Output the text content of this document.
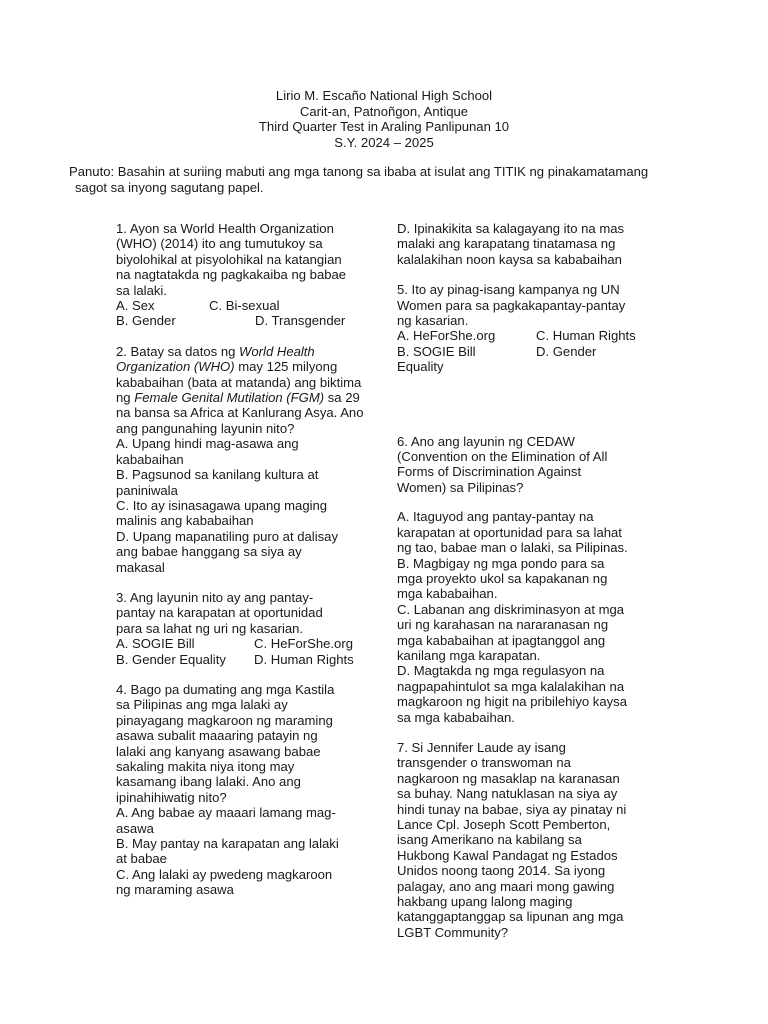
Lirio M. Escaño National High School
Carit-an, Patnoñgon, Antique
Third Quarter Test in Araling Panlipunan 10
S.Y. 2024 – 2025
Panuto: Basahin at suriing mabuti ang mga tanong sa ibaba at isulat ang TITIK ng pinakamatamang
sagot sa inyong sagutang papel.
1. Ayon sa World Health Organization
(WHO) (2014) ito ang tumutukoy sa
biyolohikal at pisyolohikal na katangian
na nagtatakda ng pagkakaiba ng babae
sa lalaki.
A. Sex	C. Bi-sexual
B. Gender	D. Transgender
2. Batay sa datos ng World Health Organization (WHO) may 125 milyong kababaihan (bata at matanda) ang biktima ng Female Genital Mutilation (FGM) sa 29 na bansa sa Africa at Kanlurang Asya. Ano ang pangunahing layunin nito?
A. Upang hindi mag-asawa ang
kababaihan
B. Pagsunod sa kanilang kultura at
paniniwala
C. Ito ay isinasagawa upang maging
malinis ang kababaihan
D. Upang mapanatiling puro at dalisay
ang babae hanggang sa siya ay
makasal
3. Ang layunin nito ay ang pantay-
pantay na karapatan at oportunidad
para sa lahat ng uri ng kasarian.
A. SOGIE Bill	C. HeForShe.org
B. Gender Equality D. Human Rights
4. Bago pa dumating ang mga Kastila
sa Pilipinas ang mga lalaki ay
pinayagang magkaroon ng maraming
asawa subalit maaaring patayin ng
lalaki ang kanyang asawang babae
sakaling makita niya itong may
kasamang ibang lalaki. Ano ang
ipinahihiwatig nito?
A. Ang babae ay maaari lamang mag-
asawa
B. May pantay na karapatan ang lalaki
at babae
C. Ang lalaki ay pwedeng magkaroon
ng maraming asawa
D. Ipinakikita sa kalagayang ito na mas
malaki ang karapatang tinatamasa ng
kalalakihan noon kaysa sa kababaihan
5. Ito ay pinag-isang kampanya ng UN
Women para sa pagkakapantay-pantay
ng kasarian.
A. HeForShe.org	C. Human Rights
B. SOGIE Bill	D. Gender
Equality
6. Ano ang layunin ng CEDAW
(Convention on the Elimination of All
Forms of Discrimination Against
Women) sa Pilipinas?
A. Itaguyod ang pantay-pantay na
karapatan at oportunidad para sa lahat
ng tao, babae man o lalaki, sa Pilipinas.
B. Magbigay ng mga pondo para sa
mga proyekto ukol sa kapakanan ng
mga kababaihan.
C. Labanan ang diskriminasyon at mga
uri ng karahasan na nararanasan ng
mga kababaihan at ipagtanggol ang
kanilang mga karapatan.
D. Magtakda ng mga regulasyon na
nagpapahintulot sa mga kalalakihan na
magkaroon ng higit na pribilehiyo kaysa
sa mga kababaihan.
7. Si Jennifer Laude ay isang
transgender o transwoman na
nagkaroon ng masaklap na karanasan
sa buhay. Nang natuklasan na siya ay
hindi tunay na babae, siya ay pinatay ni
Lance Cpl. Joseph Scott Pemberton,
isang Amerikano na kabilang sa
Hukbong Kawal Pandagat ng Estados
Unidos noong taong 2014. Sa iyong
palagay, ano ang maari mong gawing
hakbang upang lalong maging
katanggaptanggap sa lipunan ang mga
LGBT Community?
